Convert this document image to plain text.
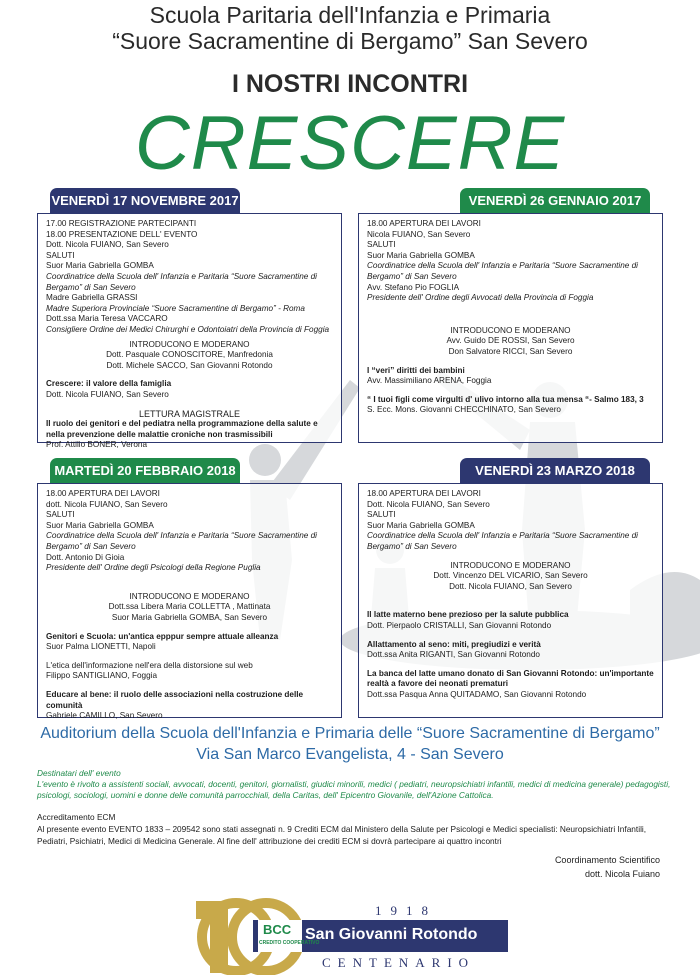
Scuola Paritaria dell'Infanzia e Primaria
“Suore Sacramentine di Bergamo” San Severo
I NOSTRI INCONTRI
CRESCERE
VENERDÌ 17 NOVEMBRE 2017
17.00 REGISTRAZIONE PARTECIPANTI
18.00 PRESENTAZIONE DELL' EVENTO
Dott. Nicola FUIANO, San Severo
SALUTI
Suor Maria Gabriella GOMBA
Coordinatrice della Scuola dell' Infanzia e Paritaria “Suore Sacramentine di Bergamo” di San Severo
Madre Gabriella GRASSI
Madre Superiora Provinciale “Suore Sacramentine di Bergamo” - Roma
Dott.ssa Maria Teresa VACCARO
Consigliere Ordine dei Medici Chirurghi e Odontoiatri della Provincia di Foggia
INTRODUCONO E MODERANO
Dott. Pasquale CONOSCITORE, Manfredonia
Dott. Michele SACCO, San Giovanni Rotondo
Crescere: il valore della famiglia
Dott. Nicola FUIANO, San Severo
LETTURA MAGISTRALE
Il ruolo dei genitori e del pediatra nella programmazione della salute e nella prevenzione delle malattie croniche non trasmissibili
Prof. Attilio BONER, Verona
VENERDÌ 26 GENNAIO 2017
18.00 APERTURA DEI LAVORI
Nicola FUIANO, San Severo
SALUTI
Suor Maria Gabriella GOMBA
Coordinatrice della Scuola dell' Infanzia e Paritaria “Suore Sacramentine di Bergamo” di San Severo
Avv. Stefano Pio FOGLIA
Presidente dell' Ordine degli Avvocati della Provincia di Foggia
INTRODUCONO E MODERANO
Avv. Guido DE ROSSI, San Severo
Don Salvatore RICCI, San Severo
I “veri” diritti dei bambini
Avv. Massimiliano ARENA, Foggia
“ I tuoi figli come virgulti d' ulivo intorno alla tua mensa “- Salmo 183, 3
S. Ecc. Mons. Giovanni CHECCHINATO, San Severo
MARTEDÌ 20 FEBBRAIO 2018
18.00 APERTURA DEI LAVORI
dott. Nicola FUIANO, San Severo
SALUTI
Suor Maria Gabriella GOMBA
Coordinatrice della Scuola dell' Infanzia e Paritaria “Suore Sacramentine di Bergamo” di San Severo
Dott. Antonio Di Gioia
Presidente dell' Ordine degli Psicologi della Regione Puglia
INTRODUCONO E MODERANO
Dott.ssa Libera Maria COLLETTA , Mattinata
Suor Maria Gabriella GOMBA, San Severo
Genitori e Scuola: un'antica epppur sempre attuale alleanza
Suor Palma LIONETTI, Napoli
L'etica dell'informazione nell'era della distorsione sul web
Filippo SANTIGLIANO, Foggia
Educare al bene: il ruolo delle associazioni nella costruzione delle comunità
Gabriele CAMILLO, San Severo
VENERDÌ 23 MARZO 2018
18.00 APERTURA DEI LAVORI
Dott. Nicola FUIANO, San Severo
SALUTI
Suor Maria Gabriella GOMBA
Coordinatrice della Scuola dell' Infanzia e Paritaria “Suore Sacramentine di Bergamo” di San Severo
INTRODUCONO E MODERANO
Dott. Vincenzo DEL VICARIO, San Severo
Dott. Nicola FUIANO, San Severo
Il latte materno bene prezioso per la salute pubblica
Dott. Pierpaolo CRISTALLI, San Giovanni Rotondo
Allattamento al seno: miti, pregiudizi e verità
Dott.ssa Anita RIGANTI, San Giovanni Rotondo
La banca del latte umano donato di San Giovanni Rotondo: un'importante realtà a favore dei neonati prematuri
Dott.ssa Pasqua Anna QUITADAMO, San Giovanni Rotondo
Auditorium della Scuola dell'Infanzia e Primaria delle “Suore Sacramentine di Bergamo”
Via San Marco Evangelista, 4 - San Severo
Destinatari dell' evento
L'evento è rivolto a assistenti sociali, avvocati, docenti, genitori, giornalisti, giudici minorili, medici ( pediatri, neuropsichiatri infantili, medici di medicina generale) pedagogisti, psicologi, sociologi, uomini e donne delle comunità parrocchiali, della Caritas, dell' Epicentro Giovanile, dell'Azione Cattolica.
Accreditamento ECM
Al presente evento EVENTO 1833 – 209542 sono stati assegnati n. 9 Crediti ECM dal Ministero della Salute per Psicologi e Medici specialisti: Neuropsichiatri Infantili, Pediatri, Psichiatri, Medici di Medicina Generale. Al fine dell' attribuzione dei crediti ECM si dovrà partecipare ai quattro incontri
Coordinamento Scientifico
dott. Nicola Fuiano
BCC
CREDITO COOPERATIVO
San Giovanni Rotondo
1918
CENTENARIO
